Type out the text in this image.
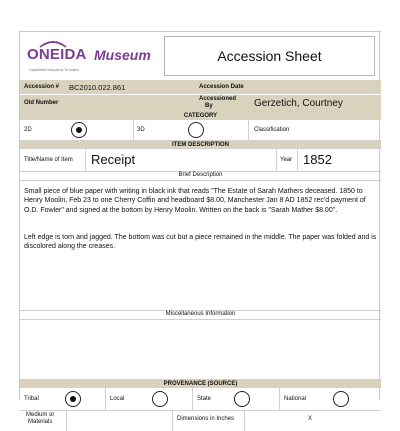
ONEIDA
Kayanlahsla Kanyota'ak Tsi Kalakh
Museum	Accession Sheet
Accession # BC2010.022.861	Accession Date
Old Number
Accessioned
By	Gerzetich, Courtney
CATEGORY
2D	3D	Classification
ITEM DESCRIPTION
Title/Name of Item Receipt	Year 1852
Brief Description
Small piece of blue paper with writing in black ink that reads "The Estate of Sarah Mathers deceased. 1850 to Henry Moolin, Feb 23 to one Cherry Coffin and headboard $8.00, Manchester Jan 8 AD 1852 rec'd payment of O.D. Fowler" and signed at the bottom by Henry Moolin. Written on the back is "Sarah Mather $8.00".
Left edge is torn and jagged. The bottom was cut but a piece remained in the middle. The paper was folded and is discolored along the creases.
Miscellaneous Information
PROVENANCE (SOURCE)
Tribal	Local	State	National
Medium or
Materials	Dimensions in Inches	X
